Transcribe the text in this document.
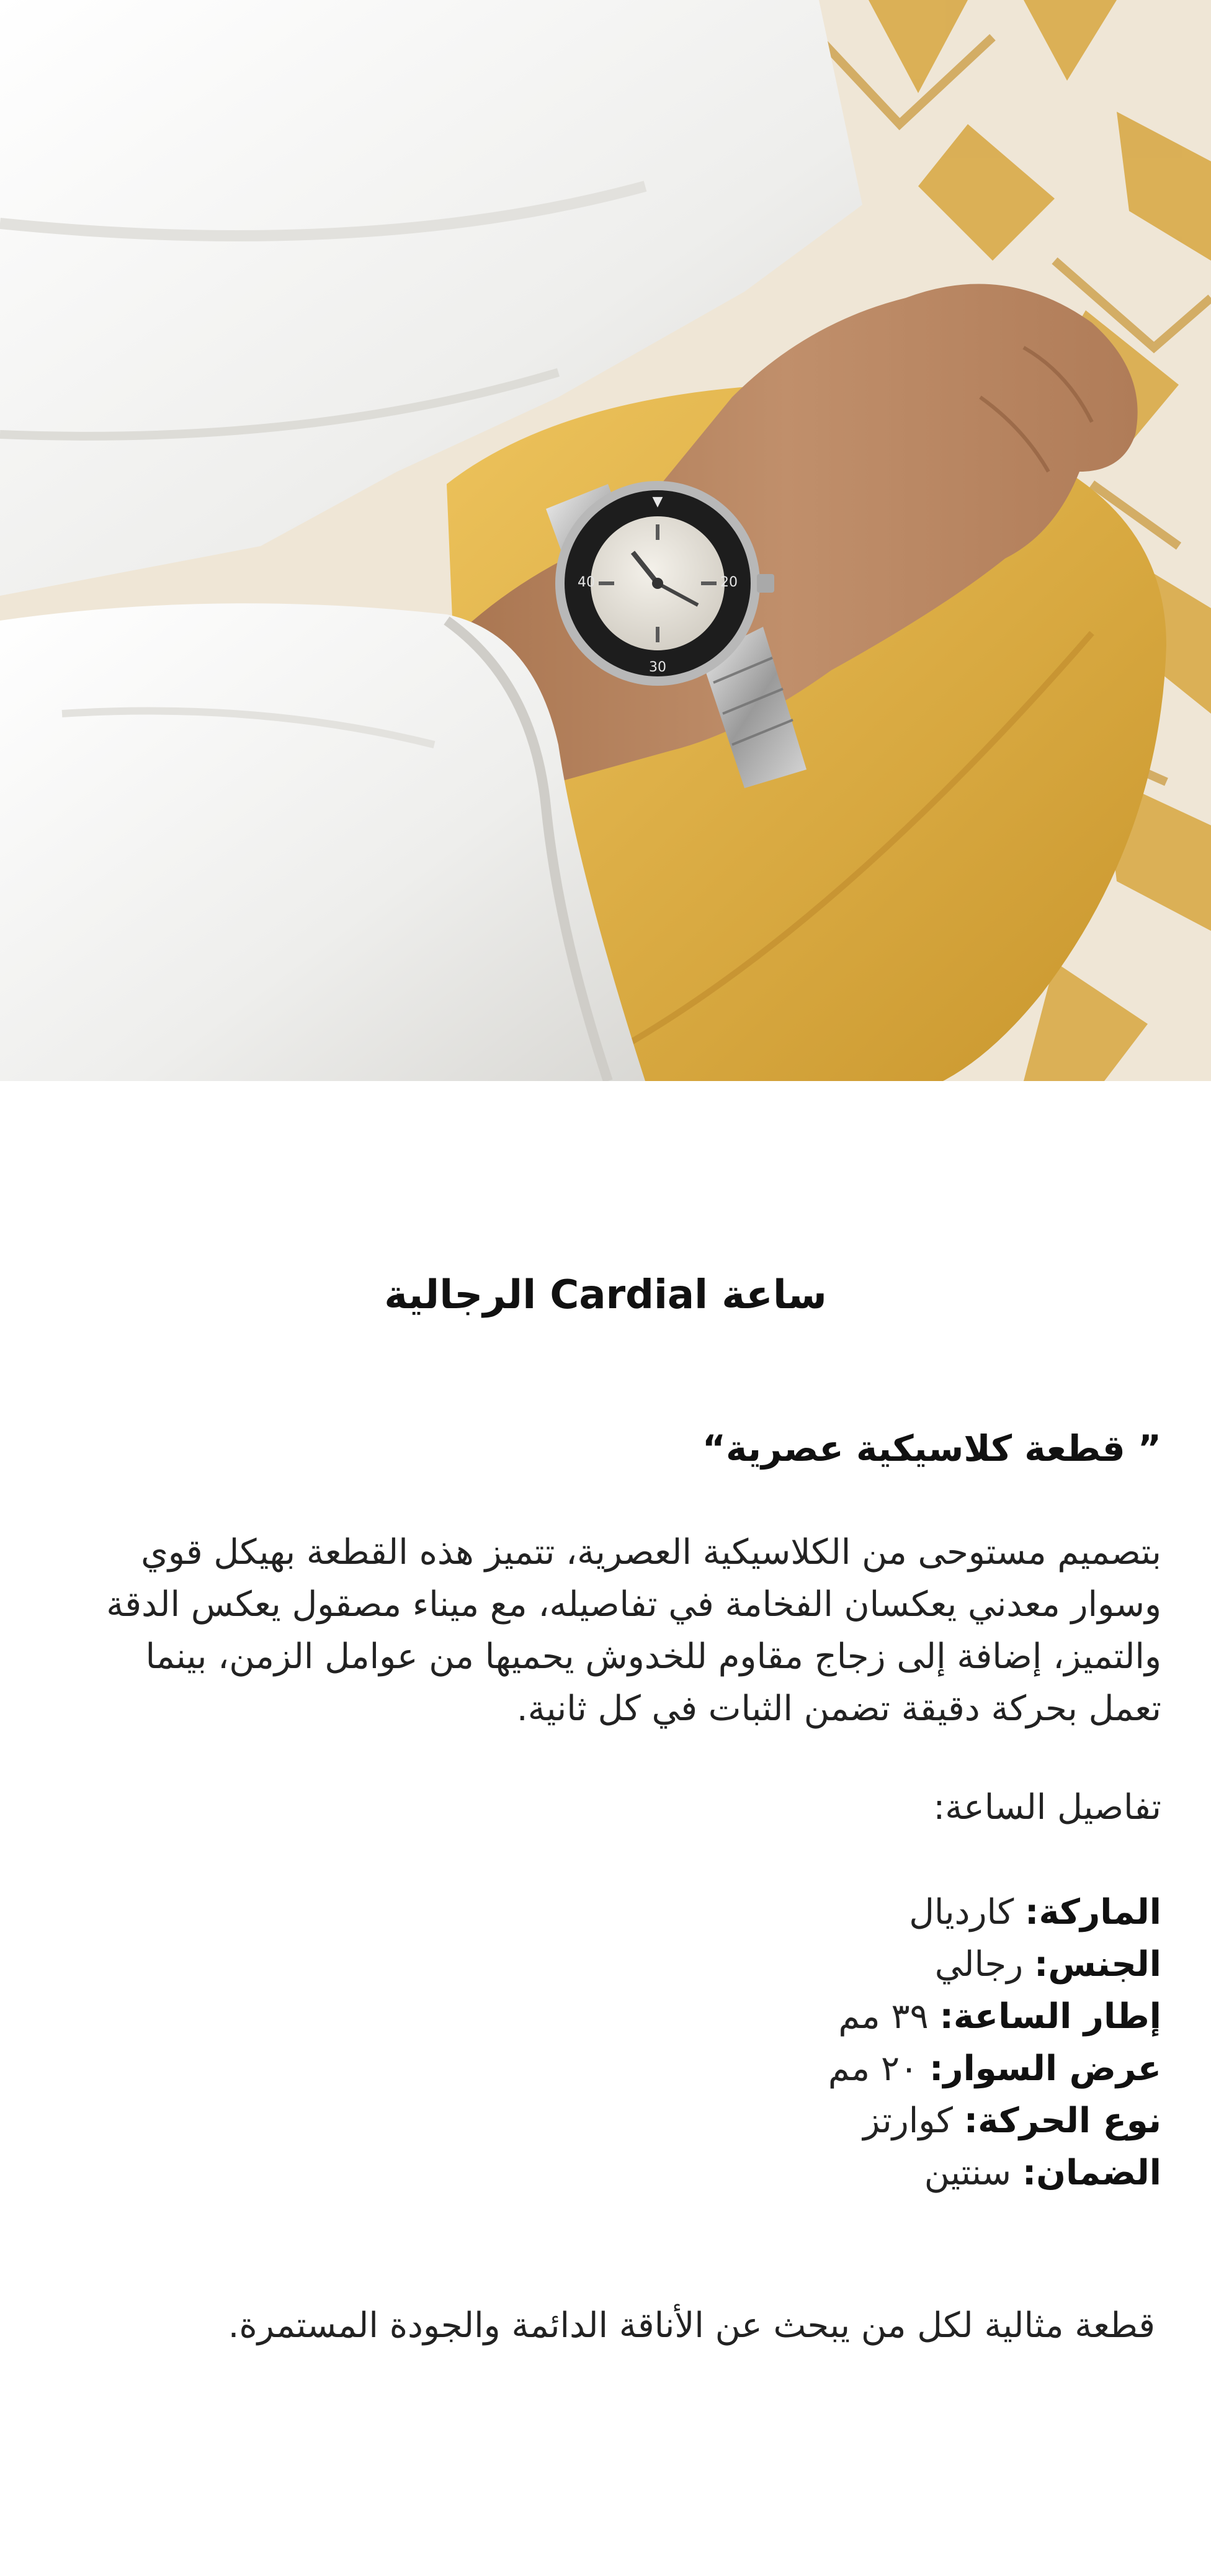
▼
20
30
40
ساعة Cardial الرجالية

” قطعة كلاسيكية عصرية“

بتصميم مستوحى من الكلاسيكية العصرية، تتميز هذه القطعة بهيكل قوي وسوار معدني يعكسان الفخامة في تفاصيله، مع ميناء مصقول يعكس الدقة والتميز، إضافة إلى زجاج مقاوم للخدوش يحميها من عوامل الزمن، بينما تعمل بحركة دقيقة تضمن الثبات في كل ثانية.

تفاصيل الساعة:

الماركة: كارديال
الجنس: رجالي
إطار الساعة: ٣٩ مم
عرض السوار: ٢٠ مم
نوع الحركة: كوارتز
الضمان: سنتين

قطعة مثالية لكل من يبحث عن الأناقة الدائمة والجودة المستمرة.
